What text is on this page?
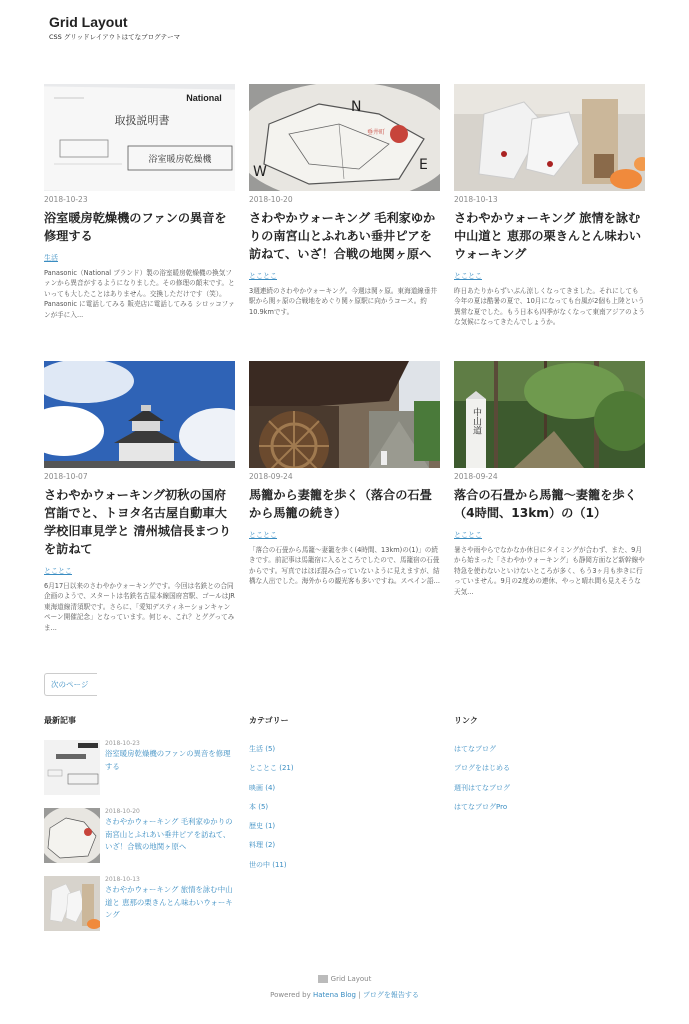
Grid Layout
CSS グリッドレイアウトはてなブログテーマ
National
取扱説明書
浴室暖房乾燥機
2018-10-23
浴室暖房乾燥機のファンの異音を修理する
生活
Panasonic（National ブランド）製の浴室暖房乾燥機の換気ファンから異音がするようになりました。その修理の顛末です。といっても大したことはありません。交換しただけです（笑）。Panasonic に電話してみる 販売店に電話してみる シロッコファンが手に入...
N
E
W
垂井町
2018-10-20
さわやかウォーキング 毛利家ゆかりの南宮山とふれあい垂井ピアを訪ねて、いざ！合戦の地関ヶ原へ
とことこ
3週連続のさわやかウォーキング。今週は関ヶ原。東海道線垂井駅から関ヶ原の合戦地をめぐり関ヶ原駅に向かうコース。約10.9kmです。
2018-10-13
さわやかウォーキング 旅情を詠む中山道と 恵那の栗きんとん味わいウォーキング
とことこ
昨日あたりからずいぶん涼しくなってきました。それにしても今年の夏は酷暑の夏で、10月になっても台風が2個も上陸という異常な夏でした。もう日本も四季がなくなって東南アジアのような気候になってきたんでしょうか。
2018-10-07
さわやかウォーキング初秋の国府宮詣でと、トヨタ名古屋自動車大学校旧車見学と 清州城信長まつりを訪ねて
とことこ
6月17日以来のさわやかウォーキングです。今回は名鉄との合同企画のようで、スタートは名鉄名古屋本線国府宮駅、ゴールはJR東海道線清須駅です。さらに、「愛知デスティネーションキャンペーン開催記念」となっています。何じゃ、これ？とググってみま...
2018-09-24
馬籠から妻籠を歩く（落合の石畳から馬籠の続き）
とことこ
「落合の石畳から馬籠～妻籠を歩く(4時間、13km)の(1)」の続きです。前記事は馬籠宿に入るところでしたので、馬籠宿の石畳からです。写真ではほぼ混み合っていないように見えますが、結構な人出でした。海外からの観光客も多いですね。スペイン語...
中山道
2018-09-24
落合の石畳から馬籠～妻籠を歩く（4時間、13km）の（1）
とことこ
暑さや雨やらでなかなか休日にタイミングが合わず、また、9月から始まった「さわやかウォーキング」も静岡方面など新幹線や特急を使わないといけないところが多く、もう3ヶ月も歩きに行っていません。9月の2度めの連休、やっと晴れ間も見えそうな天気...
次のページ
最新記事
2018-10-23
浴室暖房乾燥機のファンの異音を修理する
2018-10-20
さわやかウォーキング 毛利家ゆかりの南宮山とふれあい垂井ピアを訪ねて、いざ！合戦の地関ヶ原へ
2018-10-13
さわやかウォーキング 旅情を詠む中山道と 恵那の栗きんとん味わいウォーキング
カテゴリー
生活 (5)
とことこ (21)
映画 (4)
本 (5)
歴史 (1)
料理 (2)
世の中 (11)
リンク
はてなブログ
ブログをはじめる
週刊はてなブログ
はてなブログPro
Grid Layout
Powered by Hatena Blog | ブログを報告する
